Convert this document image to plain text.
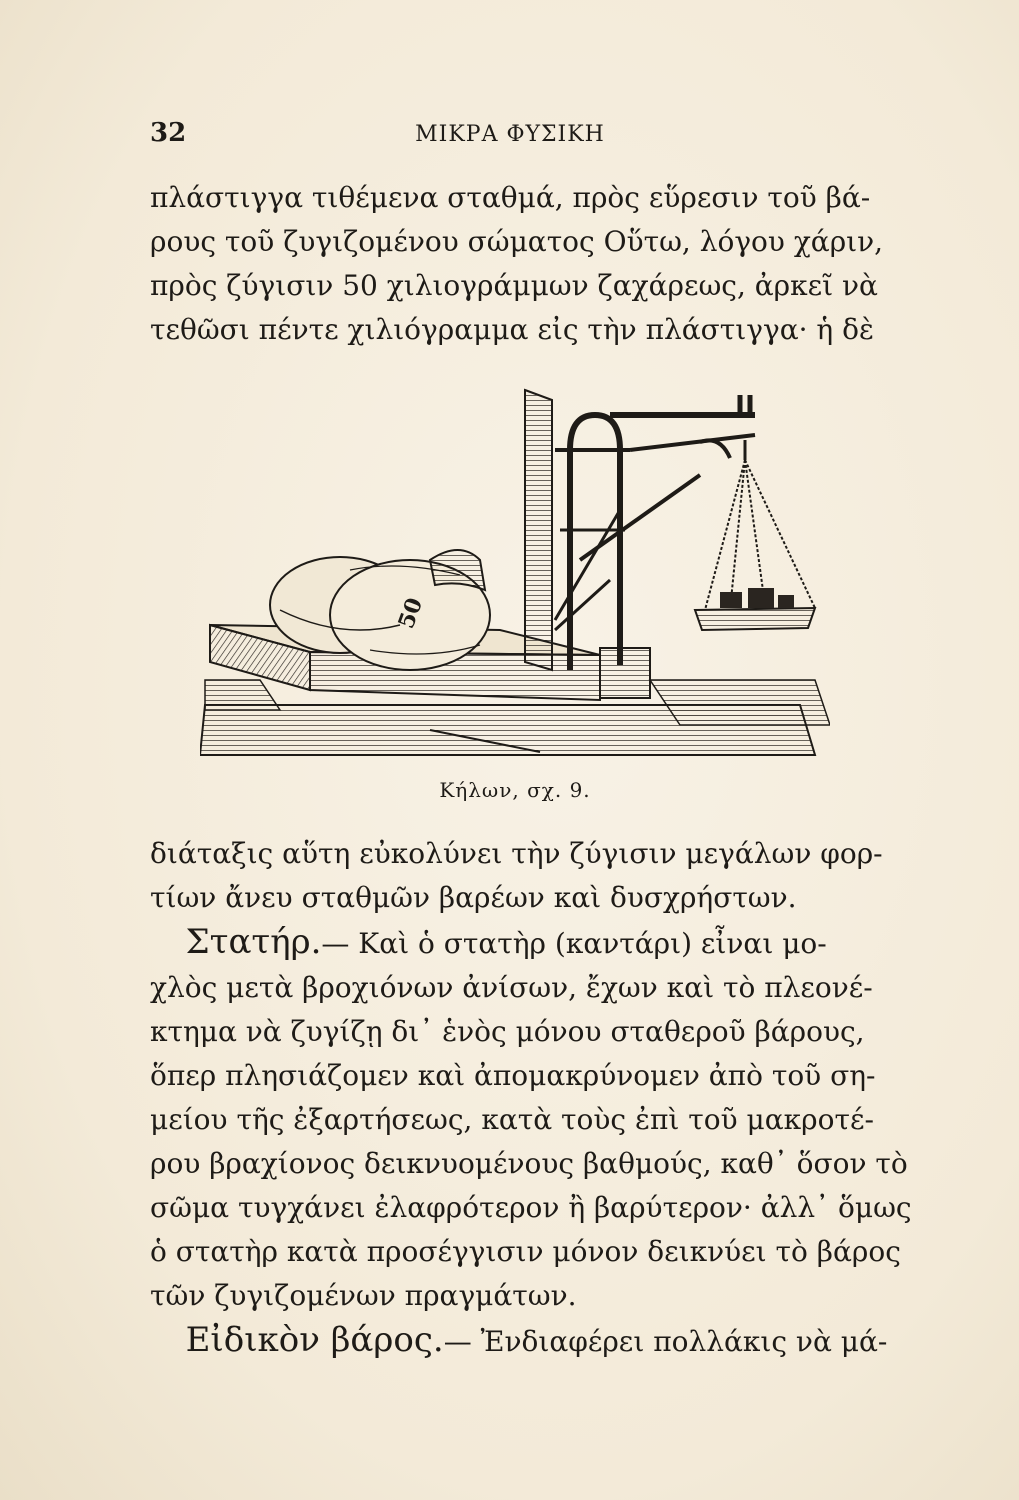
32	ΜΙΚΡΑ ΦΥΣΙΚΗ

πλάστιγγα τιθέμενα σταθμά, πρὸς εὕρεσιν τοῦ βά-
ρους τοῦ ζυγιζομένου σώματος Οὕτω, λόγου χάριν,
πρὸς ζύγισιν 50 χιλιογράμμων ζαχάρεως, ἀρκεῖ νὰ
τεθῶσι πέντε χιλιόγραμμα εἰς τὴν πλάστιγγα· ἡ δὲ

50
Κήλων, σχ. 9.

διάταξις αὕτη εὐκολύνει τὴν ζύγισιν μεγάλων φορ-
τίων ἄνευ σταθμῶν βαρέων καὶ δυσχρήστων.

Στατήρ.— Καὶ ὁ στατὴρ (καντάρι) εἶναι μο-
χλὸς μετὰ βροχιόνων ἀνίσων, ἔχων καὶ τὸ πλεονέ-
κτημα νὰ ζυγίζῃ δι᾿ ἑνὸς μόνου σταθεροῦ βάρους,
ὅπερ πλησιάζομεν καὶ ἀπομακρύνομεν ἀπὸ τοῦ ση-
μείου τῆς ἐξαρτήσεως, κατὰ τοὺς ἐπὶ τοῦ μακροτέ-
ρου βραχίονος δεικνυομένους βαθμούς, καθ᾿ ὅσον τὸ
σῶμα τυγχάνει ἐλαφρότερον ἢ βαρύτερον· ἀλλ᾿ ὅμως
ὁ στατὴρ κατὰ προσέγγισιν μόνον δεικνύει τὸ βάρος
τῶν ζυγιζομένων πραγμάτων.

Εἰδικὸν βάρος.— Ἐνδιαφέρει πολλάκις νὰ μά-
